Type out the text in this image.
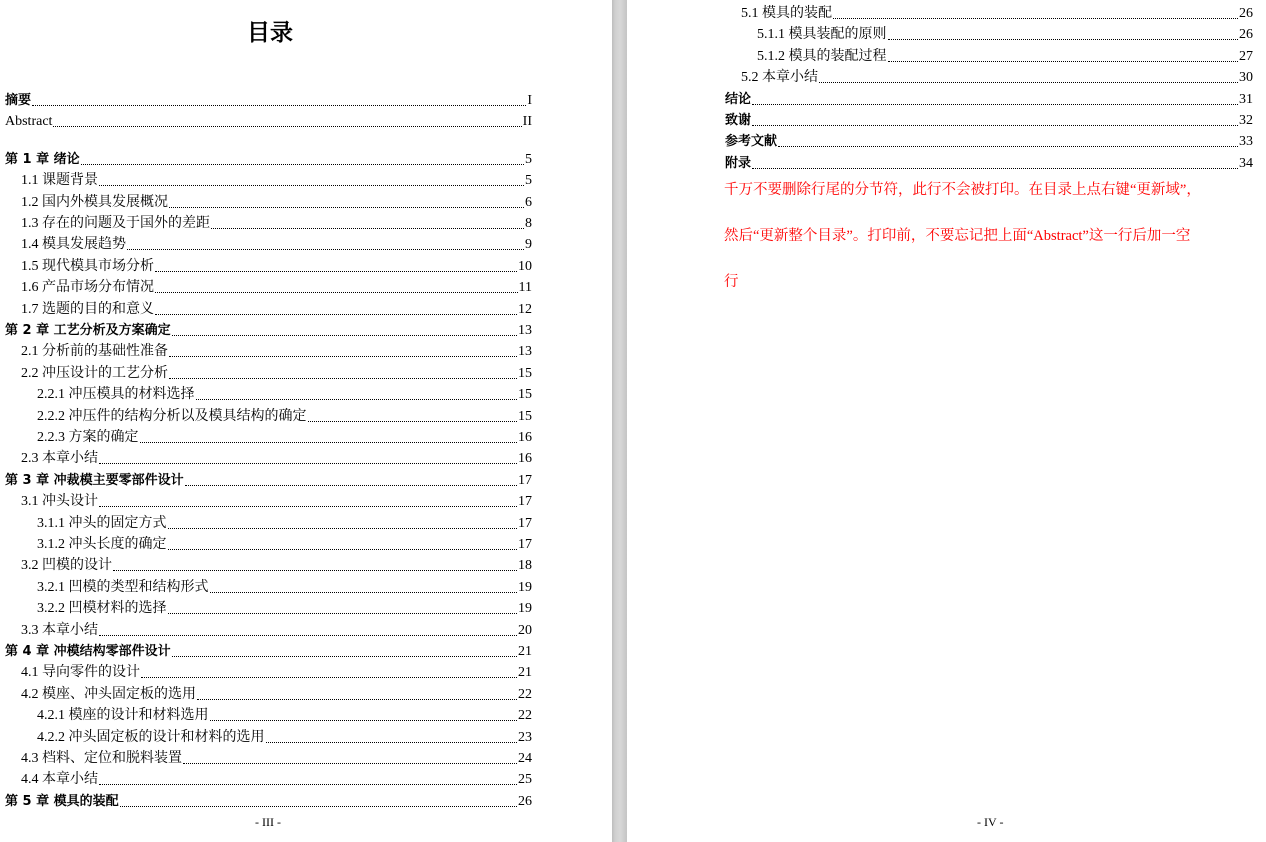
目录
摘要	I
Abstract	II
第 1 章 绪论	5
1.1 课题背景	5
1.2 国内外模具发展概况	6
1.3 存在的问题及于国外的差距	8
1.4 模具发展趋势	9
1.5 现代模具市场分析	10
1.6 产品市场分布情况	11
1.7 选题的目的和意义	12
第 2 章 工艺分析及方案确定	13
2.1 分析前的基础性准备	13
2.2 冲压设计的工艺分析	15
2.2.1 冲压模具的材料选择	15
2.2.2 冲压件的结构分析以及模具结构的确定	15
2.2.3 方案的确定	16
2.3 本章小结	16
第 3 章 冲裁模主要零部件设计	17
3.1 冲头设计	17
3.1.1 冲头的固定方式	17
3.1.2 冲头长度的确定	17
3.2 凹模的设计	18
3.2.1 凹模的类型和结构形式	19
3.2.2 凹模材料的选择	19
3.3 本章小结	20
第 4 章 冲模结构零部件设计	21
4.1 导向零件的设计	21
4.2 模座、冲头固定板的选用	22
4.2.1 模座的设计和材料选用	22
4.2.2 冲头固定板的设计和材料的选用	23
4.3 档料、定位和脱料装置	24
4.4 本章小结	25
第 5 章 模具的装配	26
- III -
5.1 模具的装配	26
5.1.1 模具装配的原则	26
5.1.2 模具的装配过程	27
5.2 本章小结	30
结论	31
致谢	32
参考文献	33
附录	34
千万不要删除行尾的分节符，此行不会被打印。在目录上点右键“更新域”，
然后“更新整个目录”。打印前，不要忘记把上面“Abstract”这一行后加一空
行
- IV -
